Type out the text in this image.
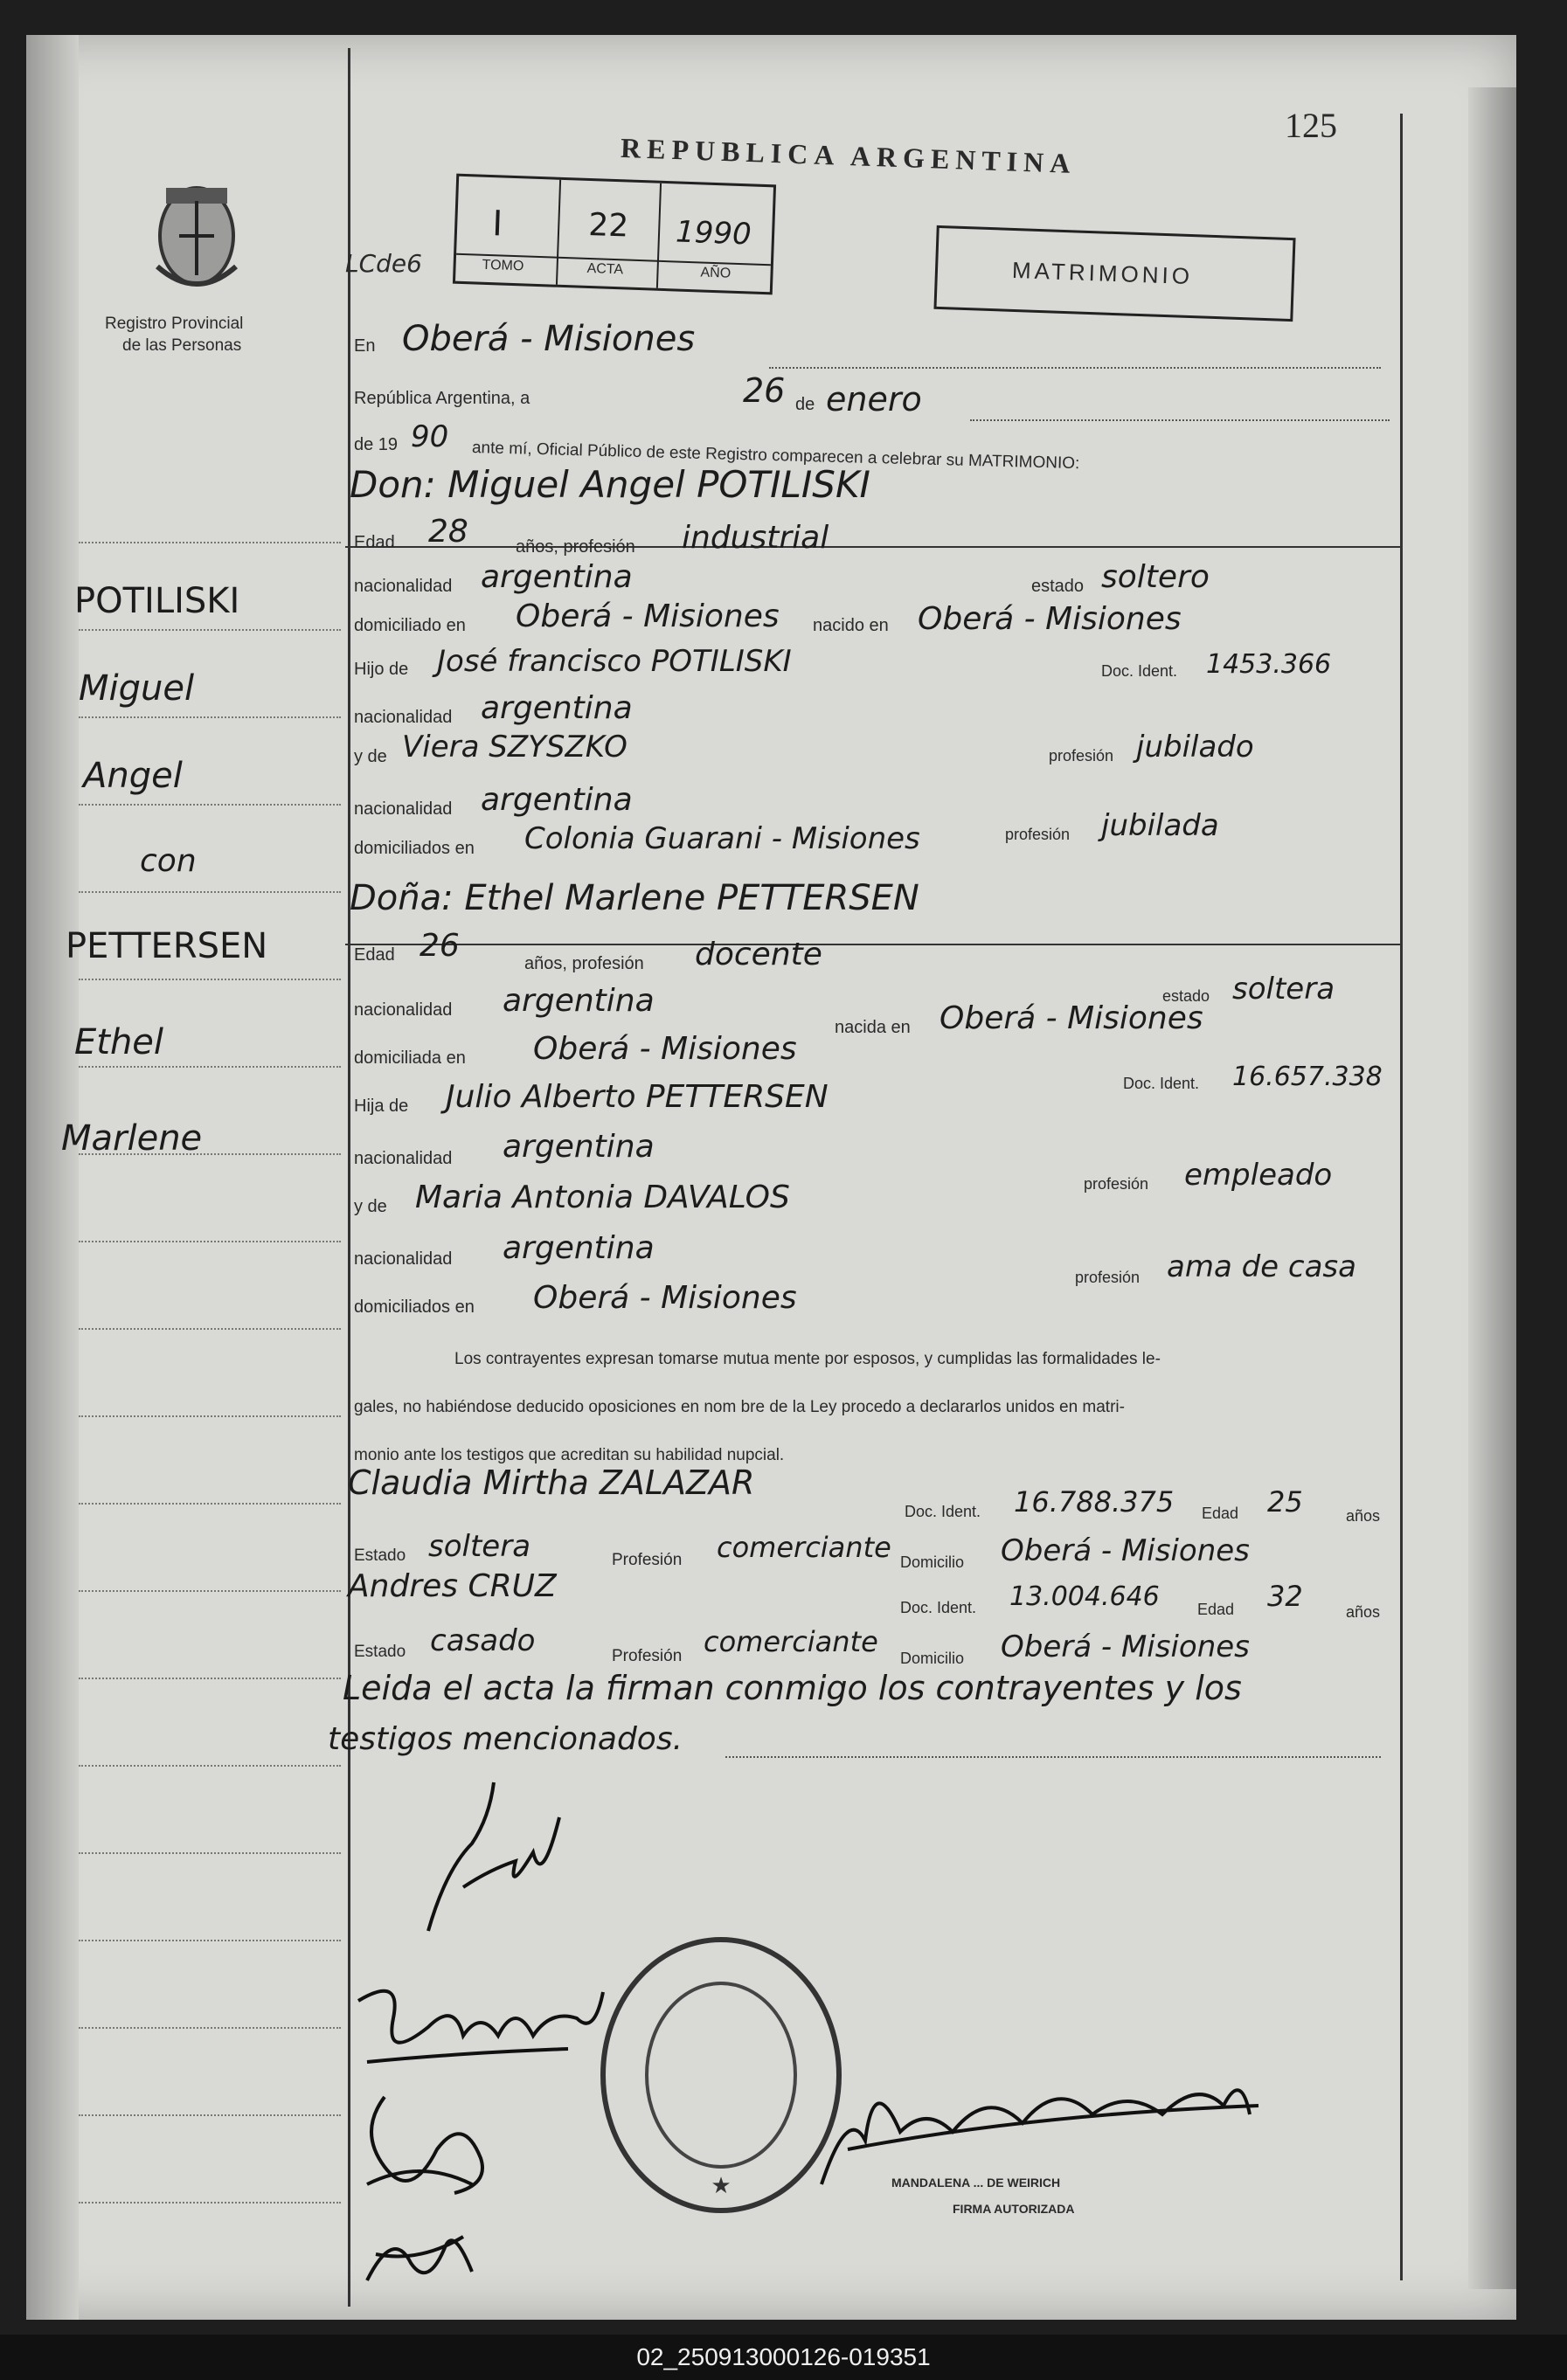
Registro Provincial
de las Personas
POTILISKI
Miguel
Angel
con
PETTERSEN
Ethel
Marlene
125
REPUBLICA ARGENTINA
LCde6
I	22 1990
TOMO	ACTA	AÑO	MATRIMONIO
En Oberá - Misiones
República Argentina, a	26 de enero
de 19 90
ante mí, Oficial Público de este Registro comparecen a celebrar su MATRIMONIO:
Don: Miguel Angel POTILISKI
Edad 28	años, profesión industrial
nacionalidad argentina	estado soltero
domiciliado en Oberá - Misiones nacido en Oberá - Misiones
Hijo de José francisco POTILISKI	Doc. Ident. 1453.366
nacionalidad argentina
y de Viera SZYSZKO	profesión jubilado
nacionalidad argentina
profesión jubilada
domiciliados en Colonia Guarani - Misiones
Doña: Ethel Marlene PETTERSEN
Edad 26	años, profesión docente
nacionalidad argentina	estado soltera
nacida en Oberá - Misiones
domiciliada en Oberá - Misiones
Doc. Ident. 16.657.338
Hija de Julio Alberto PETTERSEN
nacionalidad argentina
profesión empleado
y de Maria Antonia DAVALOS
nacionalidad argentina
profesión ama de casa
domiciliados en Oberá - Misiones
Los contrayentes expresan tomarse mutua mente por esposos, y cumplidas las formalidades le-
gales, no habiéndose deducido oposiciones en nom bre de la Ley procedo a declararlos unidos en matri-
monio ante los testigos que acreditan su habilidad nupcial.
Claudia Mirtha ZALAZAR
Doc. Ident. 16.788.375 Edad 25	años
Estado soltera	Profesión comerciante Domicilio Oberá - Misiones
Andres CRUZ
Doc. Ident. 13.004.646 Edad 32	años
Estado casado	Profesión comerciante Domicilio Oberá - Misiones
Leida el acta la firman conmigo los contrayentes y los
testigos mencionados.
★	MANDALENA ... DE WEIRICH
FIRMA AUTORIZADA
02_250913000126-019351
